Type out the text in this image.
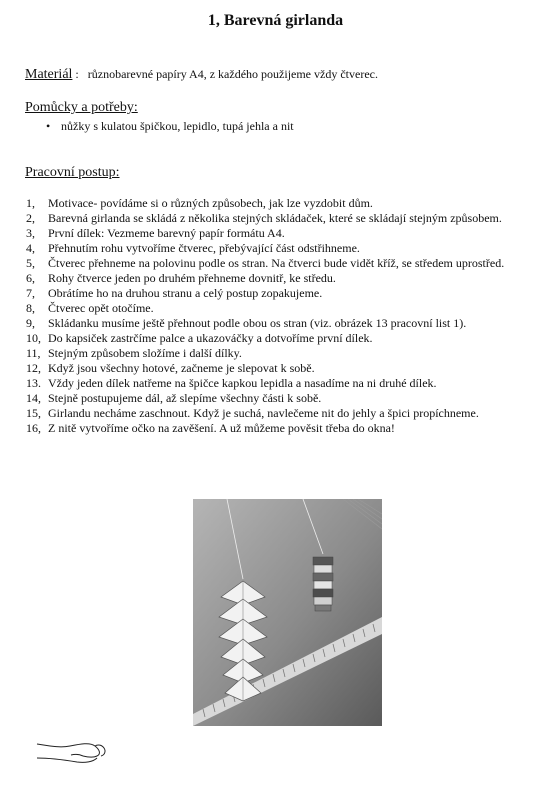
1, Barevná girlanda
Materiál : různobarevné papíry A4, z každého použijeme vždy čtverec.
Pomůcky a potřeby:
• nůžky s kulatou špičkou, lepidlo, tupá jehla a nit
Pracovní postup:
1,	Motivace- povídáme si o různých způsobech, jak lze vyzdobit dům.
2,	Barevná girlanda se skládá z několika stejných skládaček, které se skládají stejným způsobem.
3,	První dílek: Vezmeme barevný papír formátu A4.
4,	Přehnutím rohu vytvoříme čtverec, přebývající část odstřihneme.
5,	Čtverec přehneme na polovinu podle os stran. Na čtverci bude vidět kříž, se středem uprostřed.
6,	Rohy čtverce jeden po druhém přehneme dovnitř, ke středu.
7,	Obrátíme ho na druhou stranu a celý postup zopakujeme.
8,	Čtverec opět otočíme.
9,	Skládanku musíme ještě přehnout podle obou os stran (viz. obrázek 13 pracovní list 1).
10, Do kapsiček zastrčíme palce a ukazováčky a dotvoříme první dílek.
11, Stejným způsobem složíme i další dílky.
12, Když jsou všechny hotové, začneme je slepovat k sobě.
13. Vždy jeden dílek natřeme na špičce kapkou lepidla a nasadíme na ni druhé dílek.
14, Stejně postupujeme dál, až slepíme všechny části k sobě.
15, Girlandu necháme zaschnout. Když je suchá, navlečeme nit do jehly a špici propíchneme.
16, Z nitě vytvoříme očko na zavěšení. A už můžeme pověsit třeba do okna!
